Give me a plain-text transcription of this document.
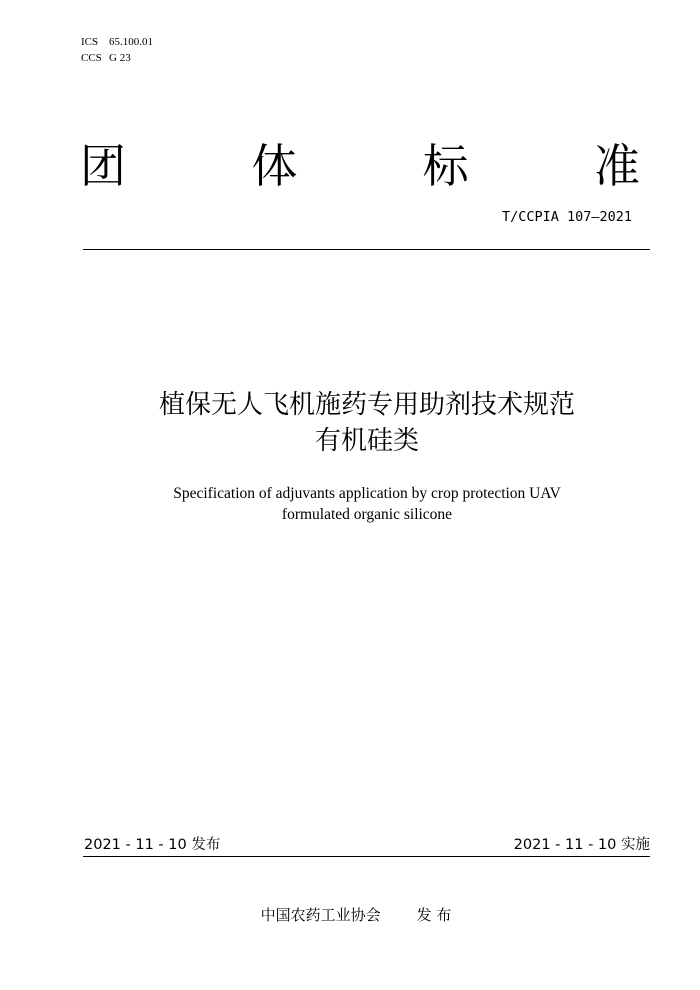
ICS 65.100.01
CCS G 23
团	体	标	准
T/CCPIA 107—2021
植保无人飞机施药专用助剂技术规范
有机硅类
Specification of adjuvants application by crop protection UAV
formulated organic silicone
2021 - 11 - 10 发布	2021 - 11 - 10 实施
中国农药工业协会 发 布
